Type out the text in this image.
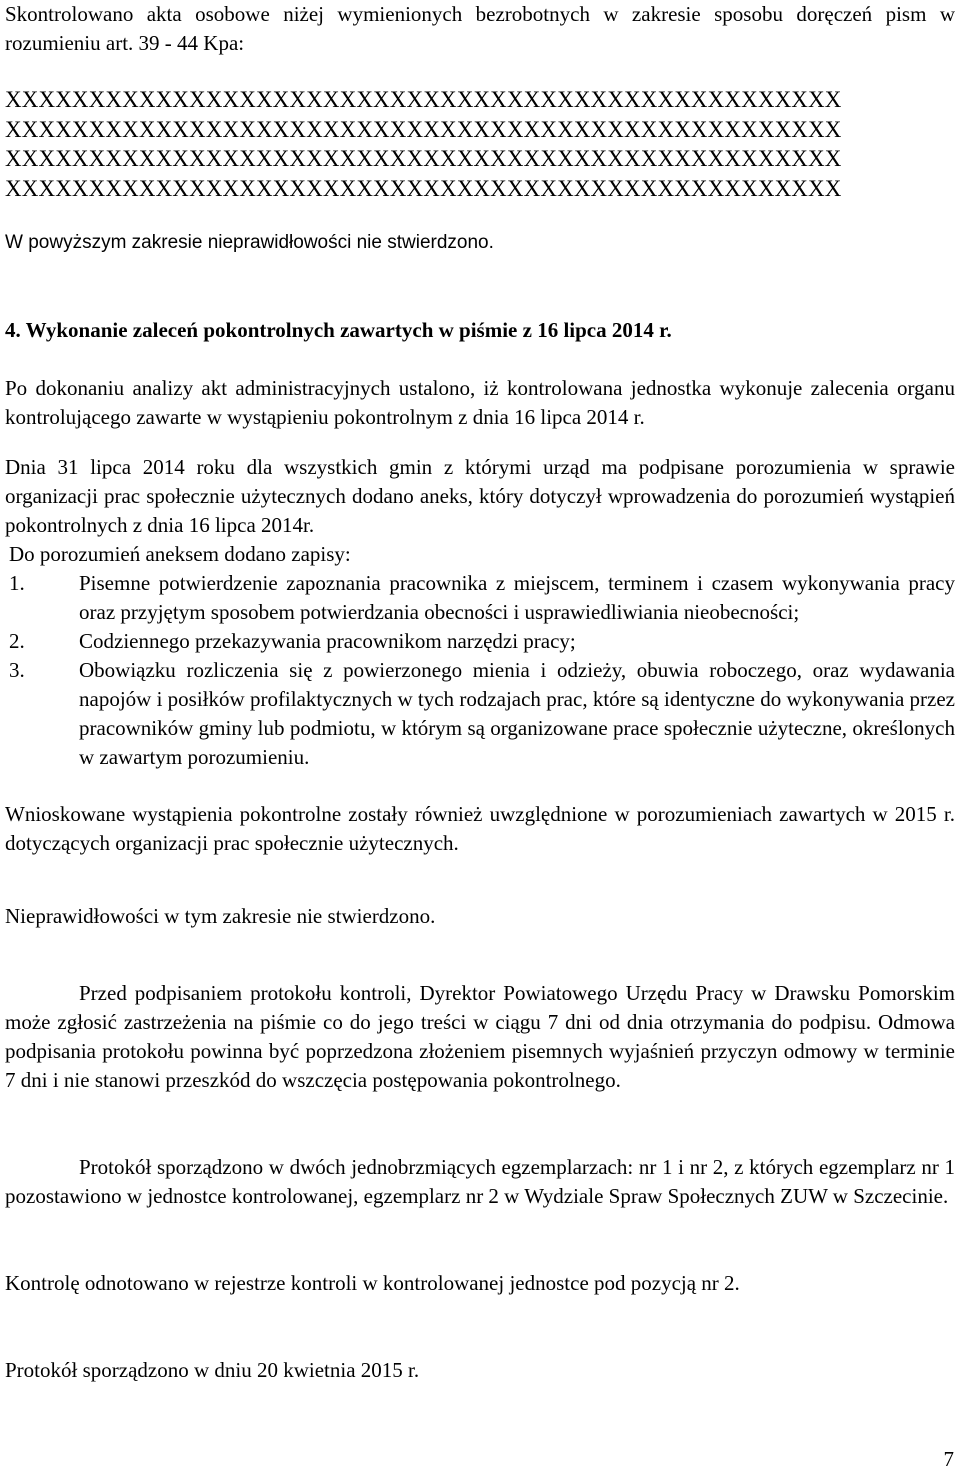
Skontrolowano akta osobowe niżej wymienionych bezrobotnych w zakresie sposobu doręczeń pism w rozumieniu art. 39 - 44 Kpa:

XXXXXXXXXXXXXXXXXXXXXXXXXXXXXXXXXXXXXXXXXXXXXXXXXX
XXXXXXXXXXXXXXXXXXXXXXXXXXXXXXXXXXXXXXXXXXXXXXXXXX
XXXXXXXXXXXXXXXXXXXXXXXXXXXXXXXXXXXXXXXXXXXXXXXXXX
XXXXXXXXXXXXXXXXXXXXXXXXXXXXXXXXXXXXXXXXXXXXXXXXXX

W powyższym zakresie nieprawidłowości nie stwierdzono.

4. Wykonanie zaleceń pokontrolnych zawartych w piśmie z 16 lipca 2014 r.

Po dokonaniu analizy akt administracyjnych ustalono, iż kontrolowana jednostka wykonuje zalecenia organu kontrolującego zawarte w wystąpieniu pokontrolnym z dnia 16 lipca 2014 r.

Dnia 31 lipca 2014 roku dla wszystkich gmin z którymi urząd ma podpisane porozumienia w sprawie organizacji prac społecznie użytecznych dodano aneks, który dotyczył wprowadzenia do porozumień wystąpień pokontrolnych z dnia 16 lipca 2014r.

Do porozumień aneksem dodano zapisy:

1.	Pisemne potwierdzenie zapoznania pracownika z miejscem, terminem i czasem wykonywania pracy oraz przyjętym sposobem potwierdzania obecności i usprawiedliwiania nieobecności;
2.	Codziennego przekazywania pracownikom narzędzi pracy;
3.	Obowiązku rozliczenia się z powierzonego mienia i odzieży, obuwia roboczego, oraz wydawania napojów i posiłków profilaktycznych w tych rodzajach prac, które są identyczne do wykonywania przez pracowników gminy lub podmiotu, w którym są organizowane prace społecznie użyteczne, określonych w zawartym porozumieniu.

Wnioskowane wystąpienia pokontrolne zostały również uwzględnione w porozumieniach zawartych w 2015 r. dotyczących organizacji prac społecznie użytecznych.

Nieprawidłowości w tym zakresie nie stwierdzono.

Przed podpisaniem protokołu kontroli, Dyrektor Powiatowego Urzędu Pracy w Drawsku Pomorskim może zgłosić zastrzeżenia na piśmie co do jego treści w ciągu 7 dni od dnia otrzymania do podpisu. Odmowa podpisania protokołu powinna być poprzedzona złożeniem pisemnych wyjaśnień przyczyn odmowy w terminie 7 dni i nie stanowi przeszkód do wszczęcia postępowania pokontrolnego.

Protokół sporządzono w dwóch jednobrzmiących egzemplarzach: nr 1 i nr 2, z których egzemplarz nr 1 pozostawiono w jednostce kontrolowanej, egzemplarz nr 2 w Wydziale Spraw Społecznych ZUW w Szczecinie.

Kontrolę odnotowano w rejestrze kontroli w kontrolowanej jednostce pod pozycją nr 2.

Protokół sporządzono w dniu 20 kwietnia 2015 r.

7
